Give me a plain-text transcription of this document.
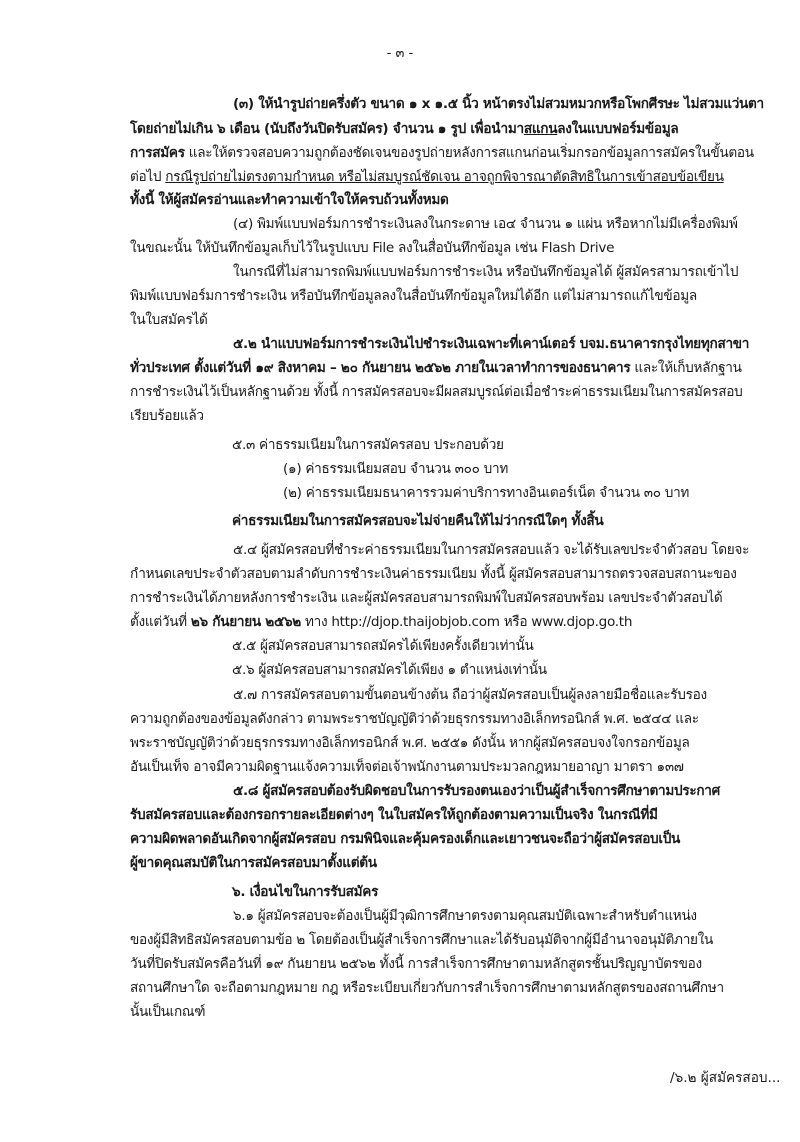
- ๓ -
(๓) ให้นำรูปถ่ายครึ่งตัว ขนาด ๑ x ๑.๕ นิ้ว หน้าตรงไม่สวมหมวกหรือโพกศีรษะ ไม่สวมแว่นตา
โดยถ่ายไม่เกิน ๖ เดือน (นับถึงวันปิดรับสมัคร) จำนวน ๑ รูป เพื่อนำมาสแกนลงในแบบฟอร์มข้อมูล
การสมัคร และให้ตรวจสอบความถูกต้องชัดเจนของรูปถ่ายหลังการสแกนก่อนเริ่มกรอกข้อมูลการสมัครในขั้นตอน
ต่อไป กรณีรูปถ่ายไม่ตรงตามกำหนด หรือไม่สมบูรณ์ชัดเจน อาจถูกพิจารณาตัดสิทธิในการเข้าสอบข้อเขียน
ทั้งนี้ ให้ผู้สมัครอ่านและทำความเข้าใจให้ครบถ้วนทั้งหมด
(๔) พิมพ์แบบฟอร์มการชำระเงินลงในกระดาษ เอ๔ จำนวน ๑ แผ่น หรือหากไม่มีเครื่องพิมพ์
ในขณะนั้น ให้บันทึกข้อมูลเก็บไว้ในรูปแบบ File ลงในสื่อบันทึกข้อมูล เช่น Flash Drive
ในกรณีที่ไม่สามารถพิมพ์แบบฟอร์มการชำระเงิน หรือบันทึกข้อมูลได้ ผู้สมัครสามารถเข้าไป
พิมพ์แบบฟอร์มการชำระเงิน หรือบันทึกข้อมูลลงในสื่อบันทึกข้อมูลใหม่ได้อีก แต่ไม่สามารถแก้ไขข้อมูล
ในใบสมัครได้
๕.๒ นำแบบฟอร์มการชำระเงินไปชำระเงินเฉพาะที่เคาน์เตอร์ บจม.ธนาคารกรุงไทยทุกสาขา
ทั่วประเทศ ตั้งแต่วันที่ ๑๙ สิงหาคม – ๒๐ กันยายน ๒๕๖๒ ภายในเวลาทำการของธนาคาร และให้เก็บหลักฐาน
การชำระเงินไว้เป็นหลักฐานด้วย ทั้งนี้ การสมัครสอบจะมีผลสมบูรณ์ต่อเมื่อชำระค่าธรรมเนียมในการสมัครสอบ
เรียบร้อยแล้ว
๕.๓ ค่าธรรมเนียมในการสมัครสอบ ประกอบด้วย
(๑) ค่าธรรมเนียมสอบ จำนวน ๓๐๐ บาท
(๒) ค่าธรรมเนียมธนาคารรวมค่าบริการทางอินเตอร์เน็ต จำนวน ๓๐ บาท
ค่าธรรมเนียมในการสมัครสอบจะไม่จ่ายคืนให้ไม่ว่ากรณีใดๆ ทั้งสิ้น
๕.๔ ผู้สมัครสอบที่ชำระค่าธรรมเนียมในการสมัครสอบแล้ว จะได้รับเลขประจำตัวสอบ โดยจะ
กำหนดเลขประจำตัวสอบตามลำดับการชำระเงินค่าธรรมเนียม ทั้งนี้ ผู้สมัครสอบสามารถตรวจสอบสถานะของ
การชำระเงินได้ภายหลังการชำระเงิน และผู้สมัครสอบสามารถพิมพ์ใบสมัครสอบพร้อม เลขประจำตัวสอบได้
ตั้งแต่วันที่ ๒๖ กันยายน ๒๕๖๒ ทาง http://djop.thaijobjob.com หรือ www.djop.go.th
๕.๕ ผู้สมัครสอบสามารถสมัครได้เพียงครั้งเดียวเท่านั้น
๕.๖ ผู้สมัครสอบสามารถสมัครได้เพียง ๑ ตำแหน่งเท่านั้น
๕.๗ การสมัครสอบตามขั้นตอนข้างต้น ถือว่าผู้สมัครสอบเป็นผู้ลงลายมือชื่อและรับรอง
ความถูกต้องของข้อมูลดังกล่าว ตามพระราชบัญญัติว่าด้วยธุรกรรมทางอิเล็กทรอนิกส์ พ.ศ. ๒๕๔๔ และ
พระราชบัญญัติว่าด้วยธุรกรรมทางอิเล็กทรอนิกส์ พ.ศ. ๒๕๕๑ ดังนั้น หากผู้สมัครสอบจงใจกรอกข้อมูล
อันเป็นเท็จ อาจมีความผิดฐานแจ้งความเท็จต่อเจ้าพนักงานตามประมวลกฎหมายอาญา มาตรา ๑๓๗
๕.๘ ผู้สมัครสอบต้องรับผิดชอบในการรับรองตนเองว่าเป็นผู้สำเร็จการศึกษาตามประกาศ
รับสมัครสอบและต้องกรอกรายละเอียดต่างๆ ในใบสมัครให้ถูกต้องตามความเป็นจริง ในกรณีที่มี
ความผิดพลาดอันเกิดจากผู้สมัครสอบ กรมพินิจและคุ้มครองเด็กและเยาวชนจะถือว่าผู้สมัครสอบเป็น
ผู้ขาดคุณสมบัติในการสมัครสอบมาตั้งแต่ต้น
๖. เงื่อนไขในการรับสมัคร
๖.๑ ผู้สมัครสอบจะต้องเป็นผู้มีวุฒิการศึกษาตรงตามคุณสมบัติเฉพาะสำหรับตำแหน่ง
ของผู้มีสิทธิสมัครสอบตามข้อ ๒ โดยต้องเป็นผู้สำเร็จการศึกษาและได้รับอนุมัติจากผู้มีอำนาจอนุมัติภายใน
วันที่ปิดรับสมัครคือวันที่ ๑๙ กันยายน ๒๕๖๒ ทั้งนี้ การสำเร็จการศึกษาตามหลักสูตรชั้นปริญญาบัตรของ
สถานศึกษาใด จะถือตามกฎหมาย กฎ หรือระเบียบเกี่ยวกับการสำเร็จการศึกษาตามหลักสูตรของสถานศึกษา
นั้นเป็นเกณฑ์
/๖.๒ ผู้สมัครสอบ...
